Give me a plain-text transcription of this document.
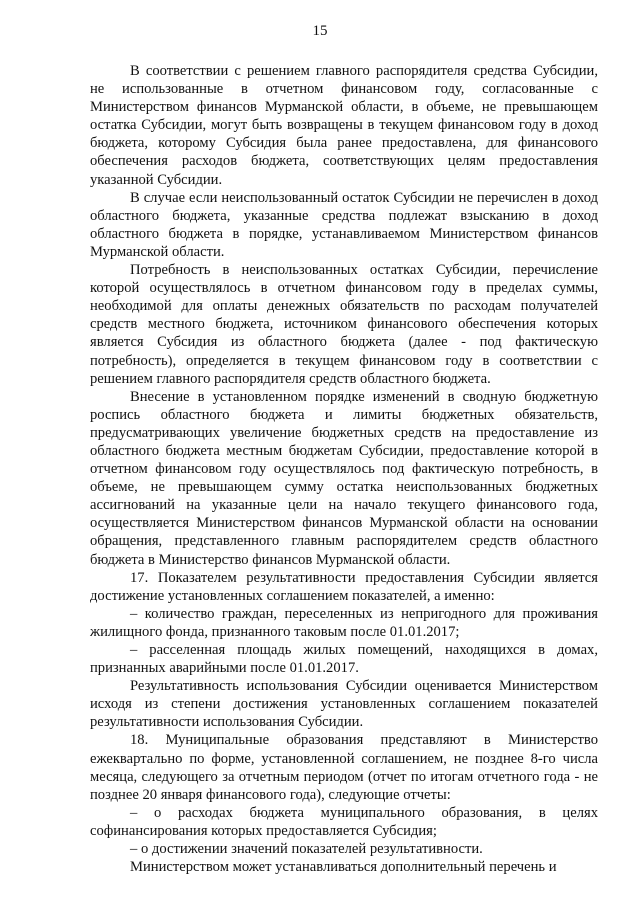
15

В соответствии с решением главного распорядителя средства Субсидии, не использованные в отчетном финансовом году, согласованные с Министерством финансов Мурманской области, в объеме, не превышающем остатка Субсидии, могут быть возвращены в текущем финансовом году в доход бюджета, которому Субсидия была ранее предоставлена, для финансового обеспечения расходов бюджета, соответствующих целям предоставления указанной Субсидии.

В случае если неиспользованный остаток Субсидии не перечислен в доход областного бюджета, указанные средства подлежат взысканию в доход областного бюджета в порядке, устанавливаемом Министерством финансов Мурманской области.

Потребность в неиспользованных остатках Субсидии, перечисление которой осуществлялось в отчетном финансовом году в пределах суммы, необходимой для оплаты денежных обязательств по расходам получателей средств местного бюджета, источником финансового обеспечения которых является Субсидия из областного бюджета (далее - под фактическую потребность), определяется в текущем финансовом году в соответствии с решением главного распорядителя средств областного бюджета.

Внесение в установленном порядке изменений в сводную бюджетную роспись областного бюджета и лимиты бюджетных обязательств, предусматривающих увеличение бюджетных средств на предоставление из областного бюджета местным бюджетам Субсидии, предоставление которой в отчетном финансовом году осуществлялось под фактическую потребность, в объеме, не превышающем сумму остатка неиспользованных бюджетных ассигнований на указанные цели на начало текущего финансового года, осуществляется Министерством финансов Мурманской области на основании обращения, представленного главным распорядителем средств областного бюджета в Министерство финансов Мурманской области.

17. Показателем результативности предоставления Субсидии является достижение установленных соглашением показателей, а именно:

– количество граждан, переселенных из непригодного для проживания жилищного фонда, признанного таковым после 01.01.2017;

– расселенная площадь жилых помещений, находящихся в домах, признанных аварийными после 01.01.2017.

Результативность использования Субсидии оценивается Министерством исходя из степени достижения установленных соглашением показателей результативности использования Субсидии.

18. Муниципальные образования представляют в Министерство ежеквартально по форме, установленной соглашением, не позднее 8-го числа месяца, следующего за отчетным периодом (отчет по итогам отчетного года - не позднее 20 января финансового года), следующие отчеты:

– о расходах бюджета муниципального образования, в целях софинансирования которых предоставляется Субсидия;

– о достижении значений показателей результативности.

Министерством может устанавливаться дополнительный перечень и
